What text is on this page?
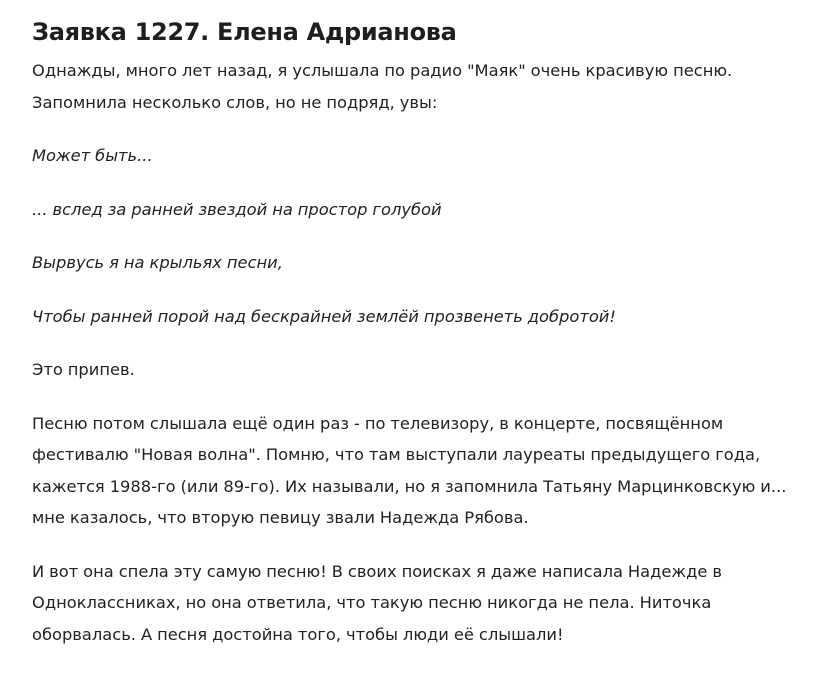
Заявка 1227. Елена Адрианова

Однажды, много лет назад, я услышала по радио "Маяк" очень красивую песню. Запомнила несколько слов, но не подряд, увы:

Может быть...

... вслед за ранней звездой на простор голубой

Вырвусь я на крыльях песни,

Чтобы ранней порой над бескрайней землёй прозвенеть добротой!

Это припев.

Песню потом слышала ещё один раз - по телевизору, в концерте, посвящённом фестивалю "Новая волна". Помню, что там выступали лауреаты предыдущего года, кажется 1988-го (или 89-го). Их называли, но я запомнила Татьяну Марцинковскую и... мне казалось, что вторую певицу звали Надежда Рябова.

И вот она спела эту самую песню! В своих поисках я даже написала Надежде в Одноклассниках, но она ответила, что такую песню никогда не пела. Ниточка оборвалась. А песня достойна того, чтобы люди её слышали!
